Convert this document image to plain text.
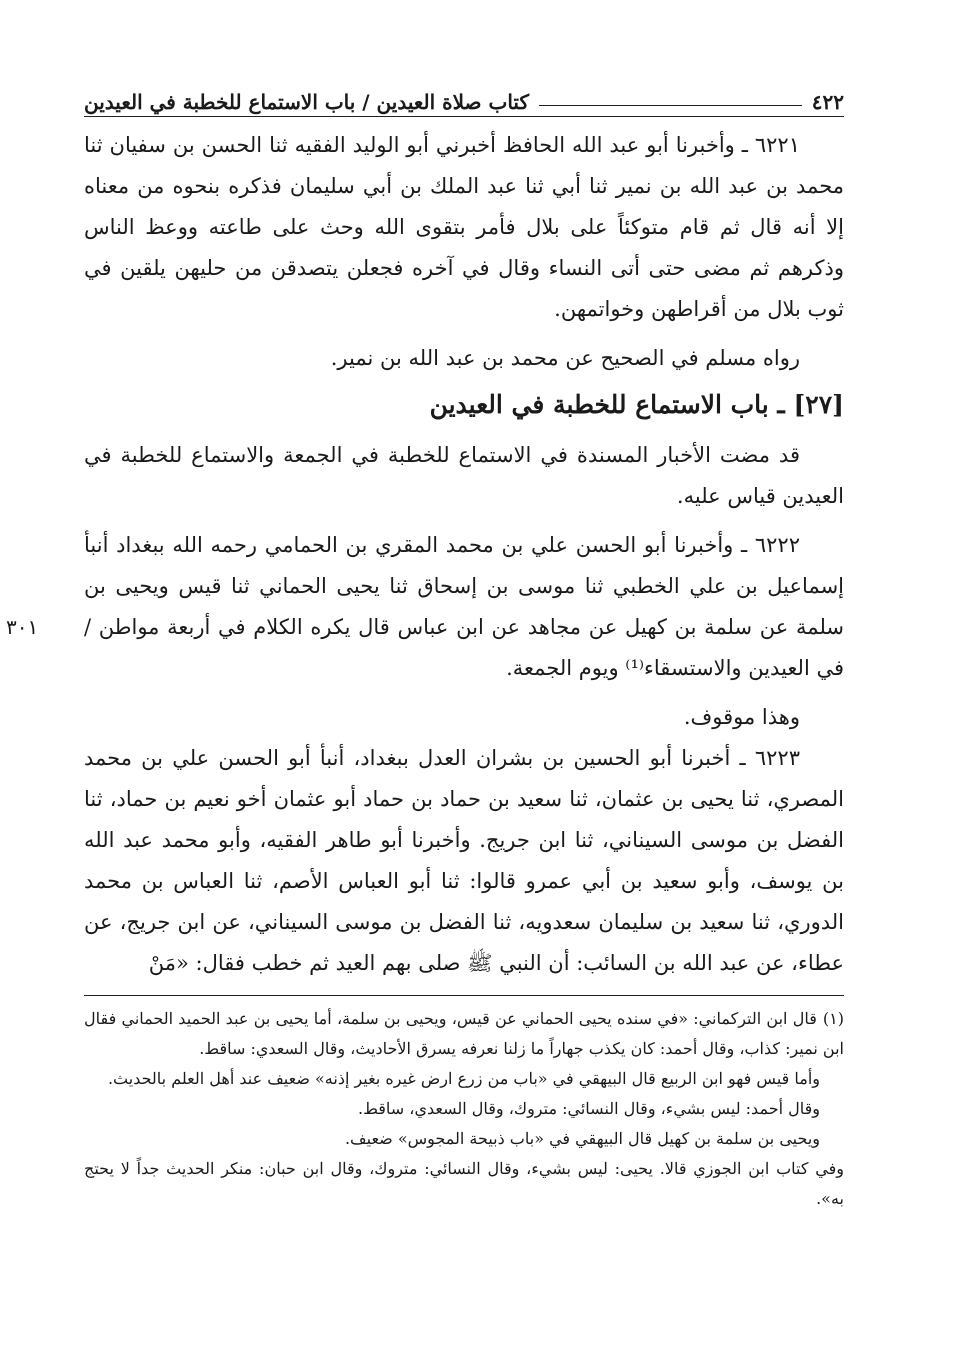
٤٢٢
كتاب صلاة العيدين / باب الاستماع للخطبة في العيدين

٦٢٢١ ـ وأخبرنا أبو عبد الله الحافظ أخبرني أبو الوليد الفقيه ثنا الحسن بن سفيان ثنا محمد بن عبد الله بن نمير ثنا أبي ثنا عبد الملك بن أبي سليمان فذكره بنحوه من معناه إلا أنه قال ثم قام متوكئاً على بلال فأمر بتقوى الله وحث على طاعته ووعظ الناس وذكرهم ثم مضى حتى أتى النساء وقال في آخره فجعلن يتصدقن من حليهن يلقين في ثوب بلال من أقراطهن وخواتمهن.

رواه مسلم في الصحيح عن محمد بن عبد الله بن نمير.

[٢٧] ـ باب الاستماع للخطبة في العيدين

قد مضت الأخبار المسندة في الاستماع للخطبة في الجمعة والاستماع للخطبة في العيدين قياس عليه.

٣٠١

٦٢٢٢ ـ وأخبرنا أبو الحسن علي بن محمد المقري بن الحمامي رحمه الله ببغداد أنبأ إسماعيل بن علي الخطبي ثنا موسى بن إسحاق ثنا يحيى الحماني ثنا قيس ويحيى بن سلمة عن سلمة بن كهيل عن مجاهد عن ابن عباس قال يكره الكلام في أربعة مواطن / في العيدين والاستسقاء⁽¹⁾ ويوم الجمعة.

وهذا موقوف.

٦٢٢٣ ـ أخبرنا أبو الحسين بن بشران العدل ببغداد، أنبأ أبو الحسن علي بن محمد المصري، ثنا يحيى بن عثمان، ثنا سعيد بن حماد بن حماد أبو عثمان أخو نعيم بن حماد، ثنا الفضل بن موسى السيناني، ثنا ابن جريج. وأخبرنا أبو طاهر الفقيه، وأبو محمد عبد الله بن يوسف، وأبو سعيد بن أبي عمرو قالوا: ثنا أبو العباس الأصم، ثنا العباس بن محمد الدوري، ثنا سعيد بن سليمان سعدويه، ثنا الفضل بن موسى السيناني، عن ابن جريج، عن عطاء، عن عبد الله بن السائب: أن النبي ﷺ صلى بهم العيد ثم خطب فقال: «مَنْ

(١)قال ابن التركماني: «في سنده يحيى الحماني عن قيس، ويحيى بن سلمة، أما يحيى بن عبد الحميد الحماني فقال ابن نمير: كذاب، وقال أحمد: كان يكذب جهاراً ما زلنا نعرفه يسرق الأحاديث، وقال السعدي: ساقط.

وأما قيس فهو ابن الربيع قال البيهقي في «باب من زرع ارض غيره بغير إذنه» ضعيف عند أهل العلم بالحديث.

وقال أحمد: ليس بشيء، وقال النسائي: متروك، وقال السعدي، ساقط.

ويحيى بن سلمة بن كهيل قال البيهقي في «باب ذبيحة المجوس» ضعيف.

وفي كتاب ابن الجوزي قالا. يحيى: ليس بشيء، وقال النسائي: متروك، وقال ابن حبان: منكر الحديث جداً لا يحتج به».
